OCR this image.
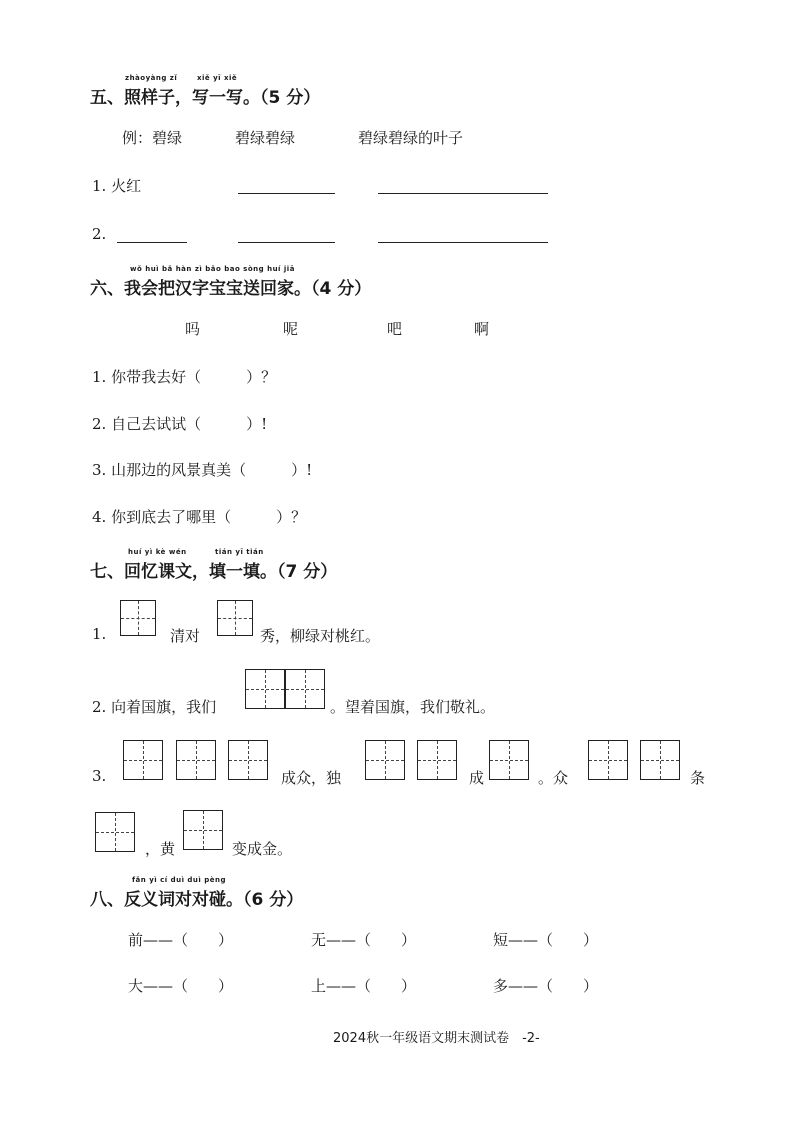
zhàoyàng zǐ	xiě yī xiě
五、照样子，写一写。（5 分）
例：碧绿	碧绿碧绿	碧绿碧绿的叶子
1. 火红
2.
wǒ huì bǎ hàn zì bǎo bao sòng huí jiā
六、我会把汉字宝宝送回家。（4 分）
吗	呢	吧	啊
1. 你带我去好（　　　）？
2. 自己去试试（　　　）!
3. 山那边的风景真美（　　　）!
4. 你到底去了哪里（　　　）？
huí yì kè wén	tián yī tián
七、回忆课文，填一填。（7 分）
1.	清对	秀，柳绿对桃红。
2. 向着国旗，我们	。望着国旗，我们敬礼。
3.	成众，独	成	。众	条
，黄	变成金。
fǎn yì cí duì duì pèng
八、反义词对对碰。（6 分）
前——（　　）	无——（　　）	短——（　　）
大——（　　）	上——（　　）	多——（　　）
2024秋一年级语文期末测试卷　-2-
